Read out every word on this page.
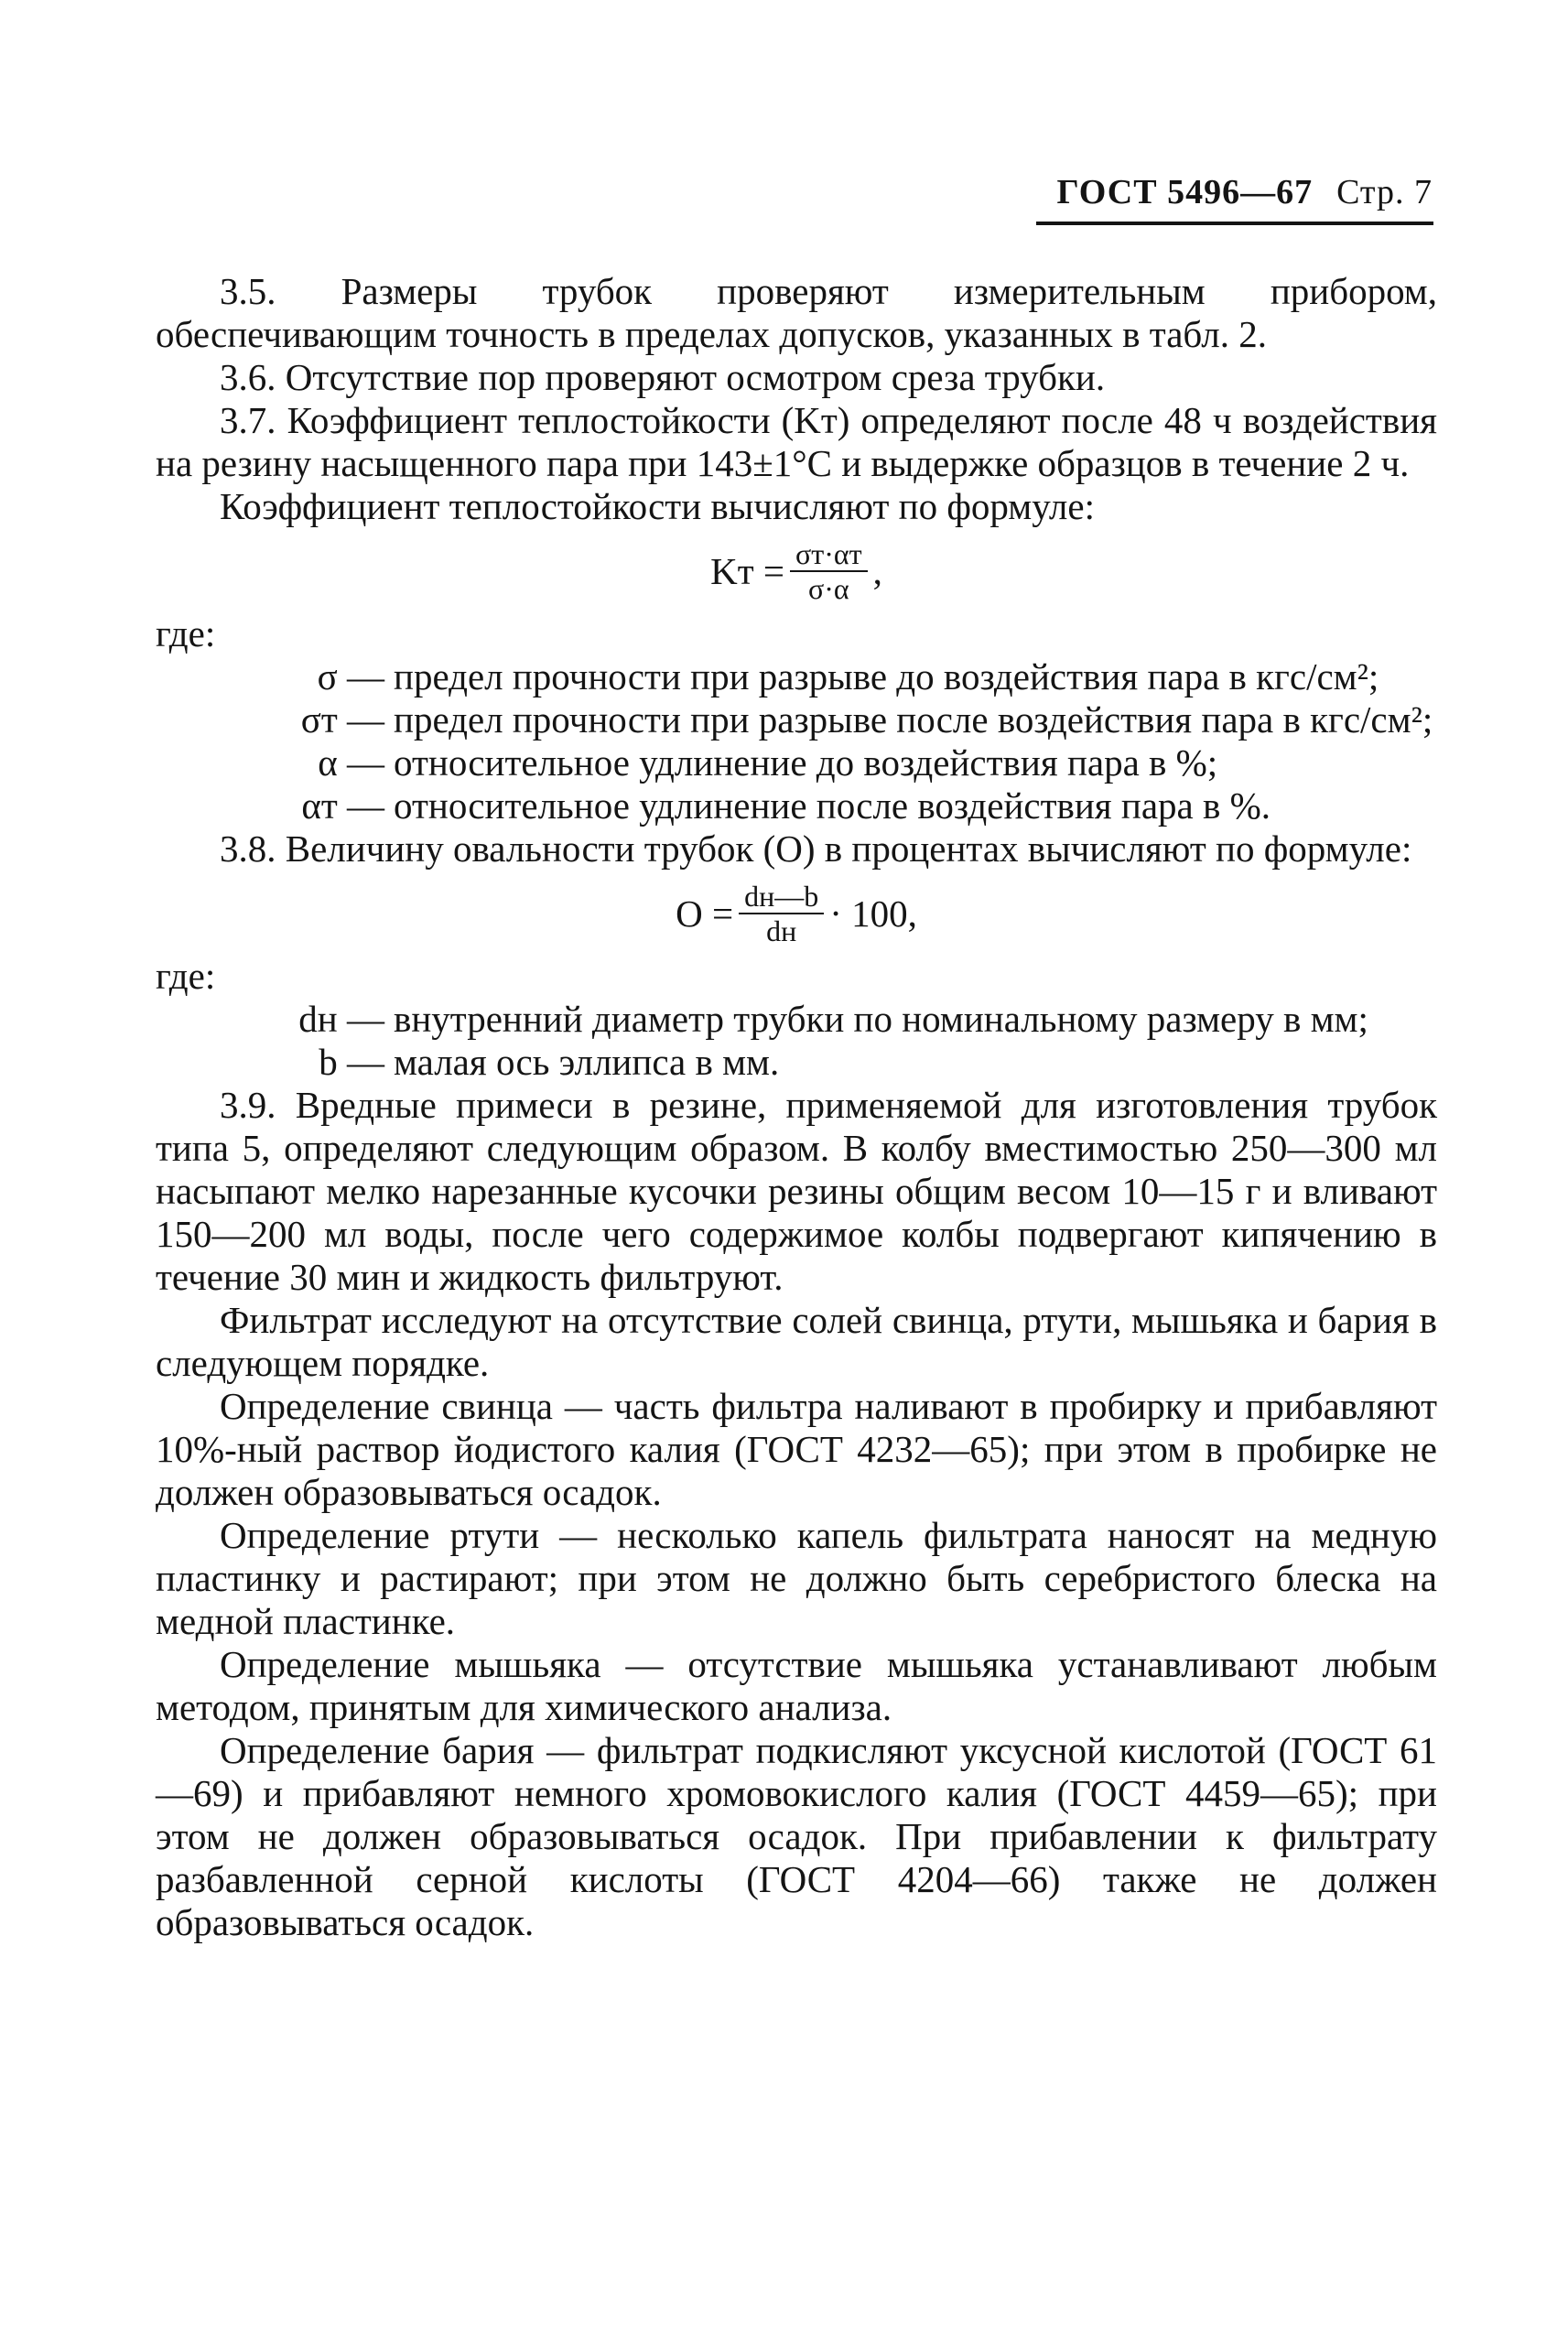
ГОСТ 5496—67 Стр. 7

3.5. Размеры трубок проверяют измерительным прибором, обеспечивающим точность в пределах допусков, указанных в табл. 2.

3.6. Отсутствие пор проверяют осмотром среза трубки.

3.7. Коэффициент теплостойкости (Kт) определяют после 48 ч воздействия на резину насыщенного пара при 143±1°С и выдержке образцов в течение 2 ч.

Коэффициент теплостойкости вычисляют по формуле:

Kт = $\frac{\sigma т\cdot\alpha т}{\sigma\cdot\alpha}$ ,

где:

σ — предел прочности при разрыве до воздействия пара в кгс/см²;
σт — предел прочности при разрыве после воздействия пара в кгс/см²;
α — относительное удлинение до воздействия пара в %;
αт — относительное удлинение после воздействия пара в %.

3.8. Величину овальности трубок (О) в процентах вычисляют по формуле:

$О = \frac{dн—b}{dн} \cdot 100$,

где:

dн — внутренний диаметр трубки по номинальному размеру в мм;
b — малая ось эллипса в мм.

3.9. Вредные примеси в резине, применяемой для изготовления трубок типа 5, определяют следующим образом. В колбу вместимостью 250—300 мл насыпают мелко нарезанные кусочки резины общим весом 10—15 г и вливают 150—200 мл воды, после чего содержимое колбы подвергают кипячению в течение 30 мин и жидкость фильтруют.

Фильтрат исследуют на отсутствие солей свинца, ртути, мышьяка и бария в следующем порядке.

Определение свинца — часть фильтра наливают в пробирку и прибавляют 10%-ный раствор йодистого калия (ГОСТ 4232—65); при этом в пробирке не должен образовываться осадок.

Определение ртути — несколько капель фильтрата наносят на медную пластинку и растирают; при этом не должно быть серебристого блеска на медной пластинке.

Определение мышьяка — отсутствие мышьяка устанавливают любым методом, принятым для химического анализа.

Определение бария — фильтрат подкисляют уксусной кислотой (ГОСТ 61—69) и прибавляют немного хромовокислого калия (ГОСТ 4459—65); при этом не должен образовываться осадок. При прибавлении к фильтрату разбавленной серной кислоты (ГОСТ 4204—66) также не должен образовываться осадок.
